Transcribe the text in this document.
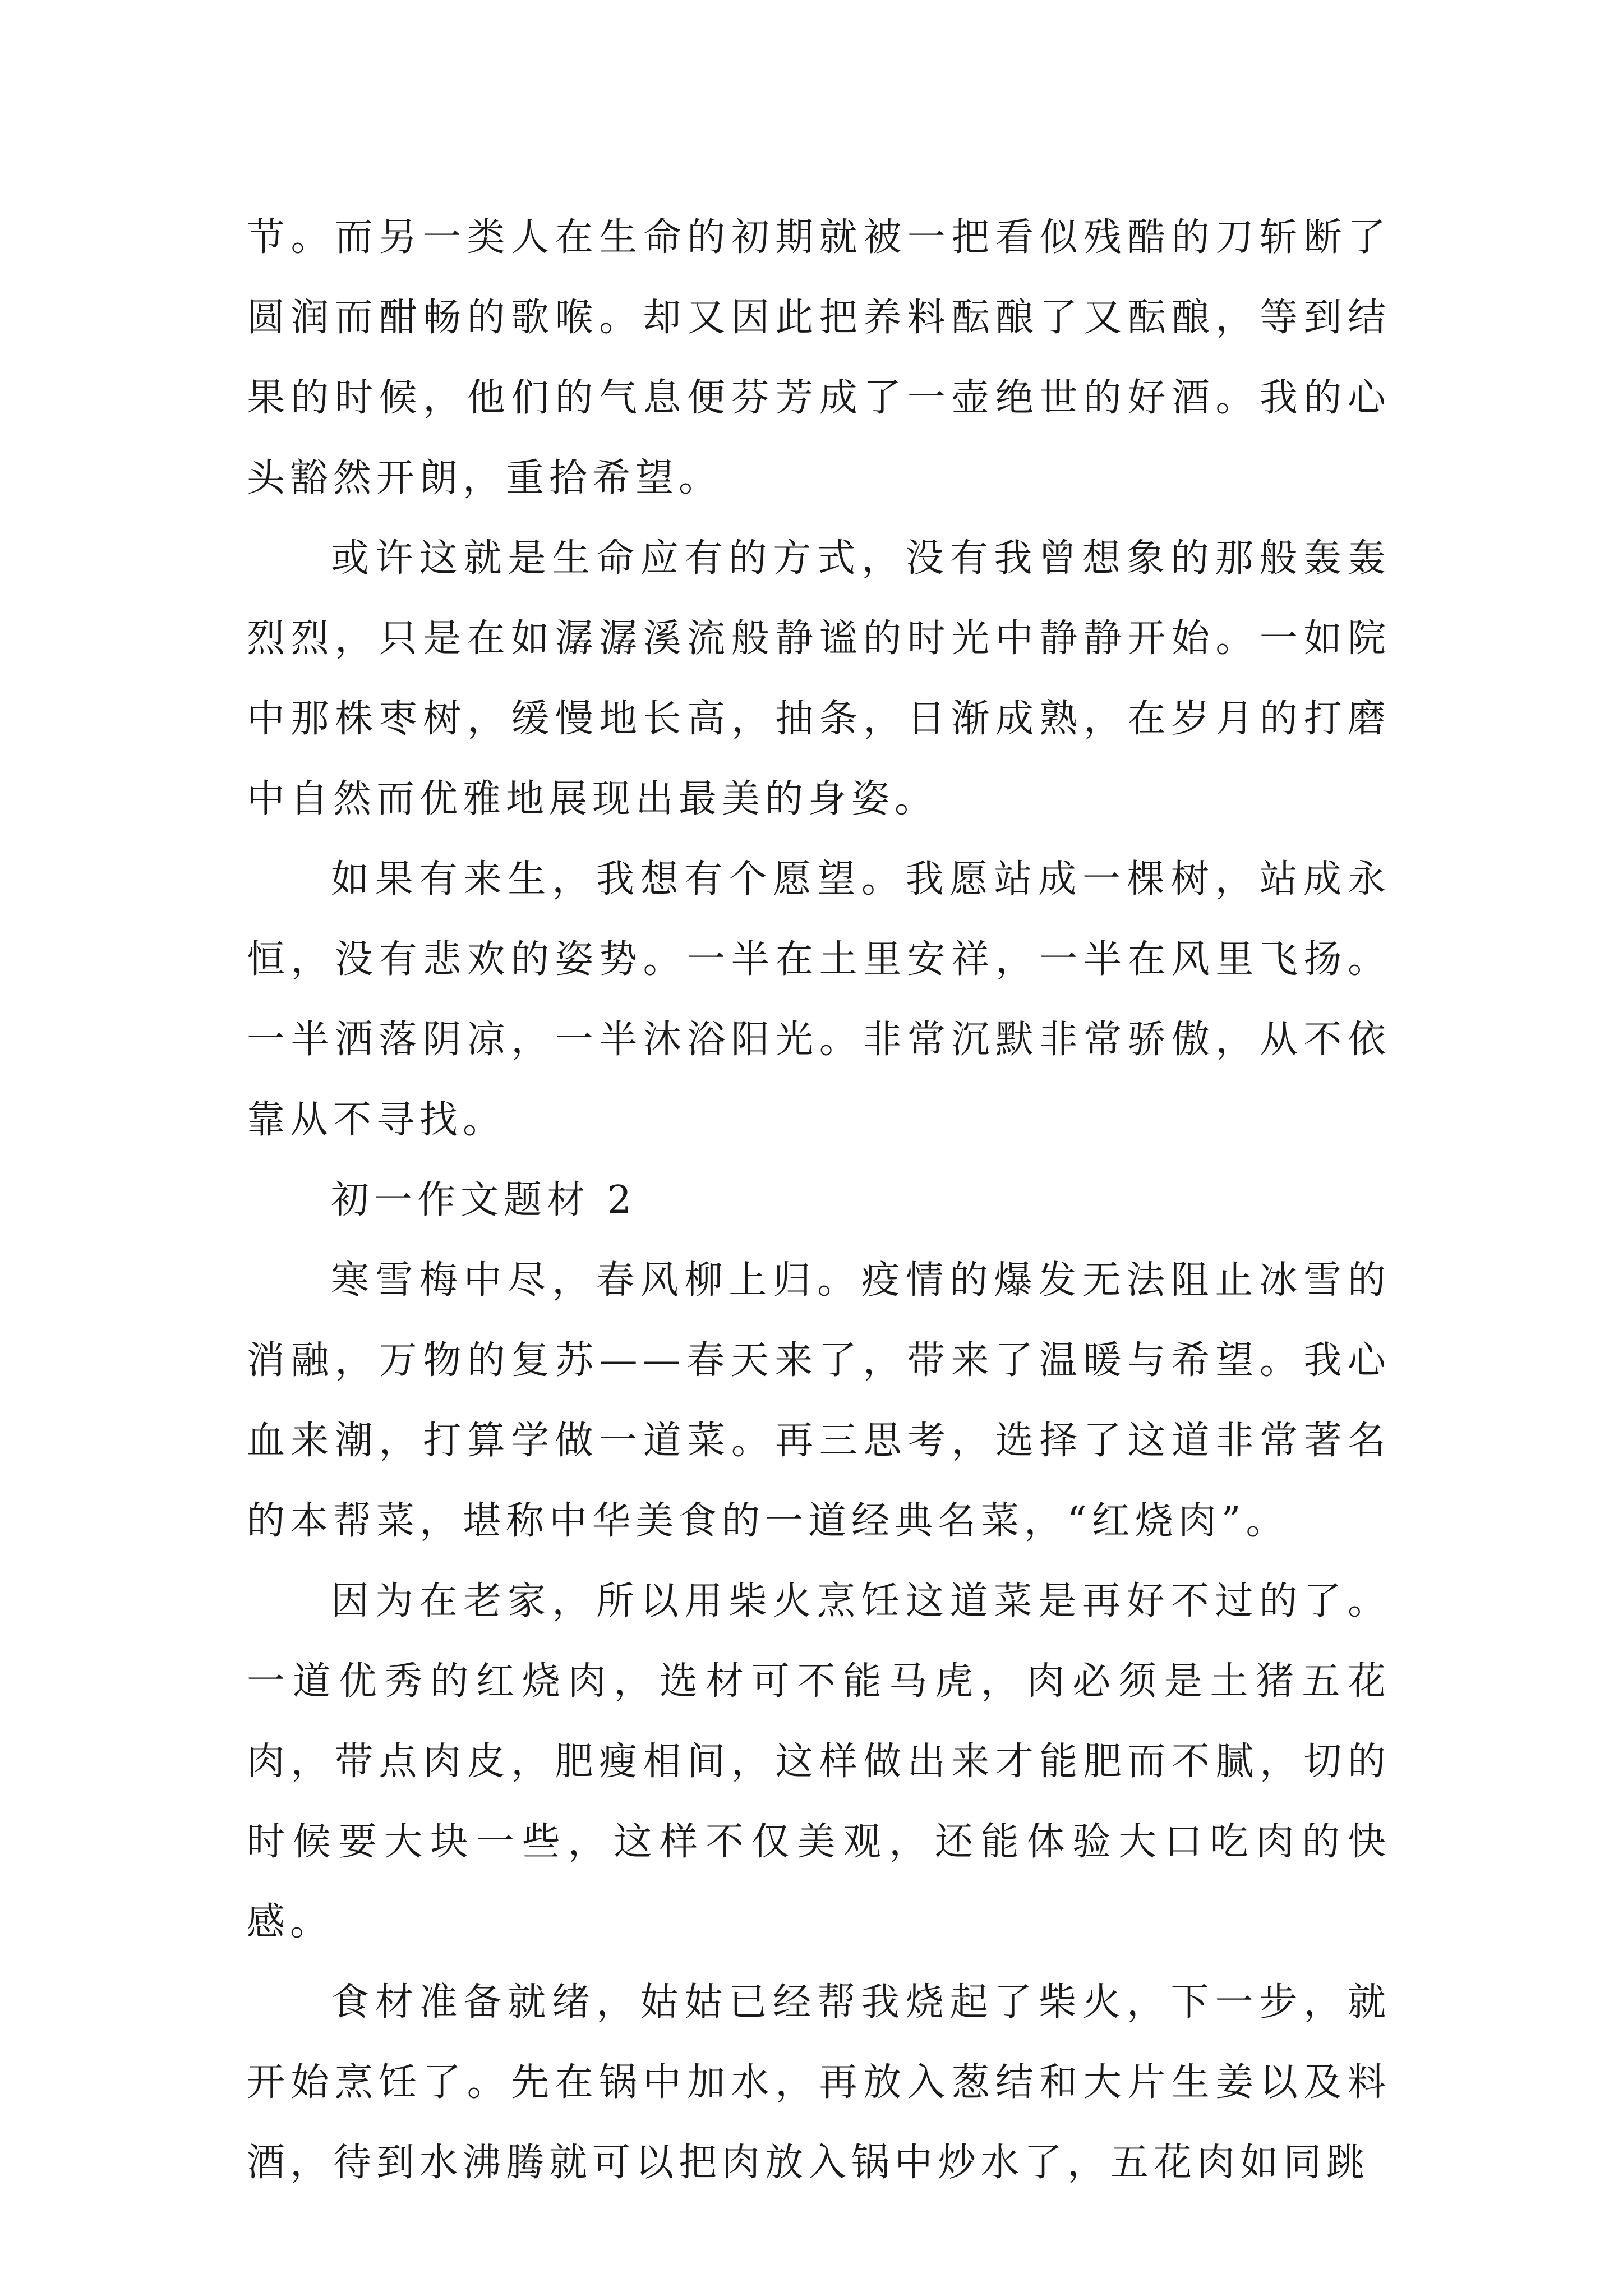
节。而另一类人在生命的初期就被一把看似残酷的刀斩断了圆润而酣畅的歌喉。却又因此把养料酝酿了又酝酿，等到结果的时候，他们的气息便芬芳成了一壶绝世的好酒。我的心头豁然开朗，重拾希望。

或许这就是生命应有的方式，没有我曾想象的那般轰轰烈烈，只是在如潺潺溪流般静谧的时光中静静开始。一如院中那株枣树，缓慢地长高，抽条，日渐成熟，在岁月的打磨中自然而优雅地展现出最美的身姿。

如果有来生，我想有个愿望。我愿站成一棵树，站成永恒，没有悲欢的姿势。一半在土里安祥，一半在风里飞扬。一半洒落阴凉，一半沐浴阳光。非常沉默非常骄傲，从不依靠从不寻找。

初一作文题材 2

寒雪梅中尽，春风柳上归。疫情的爆发无法阻止冰雪的消融，万物的复苏——春天来了，带来了温暖与希望。我心血来潮，打算学做一道菜。再三思考，选择了这道非常著名的本帮菜，堪称中华美食的一道经典名菜，“红烧肉”。

因为在老家，所以用柴火烹饪这道菜是再好不过的了。一道优秀的红烧肉，选材可不能马虎，肉必须是土猪五花肉，带点肉皮，肥瘦相间，这样做出来才能肥而不腻，切的时候要大块一些，这样不仅美观，还能体验大口吃肉的快感。

食材准备就绪，姑姑已经帮我烧起了柴火，下一步，就开始烹饪了。先在锅中加水，再放入葱结和大片生姜以及料酒，待到水沸腾就可以把肉放入锅中炒水了，五花肉如同跳
